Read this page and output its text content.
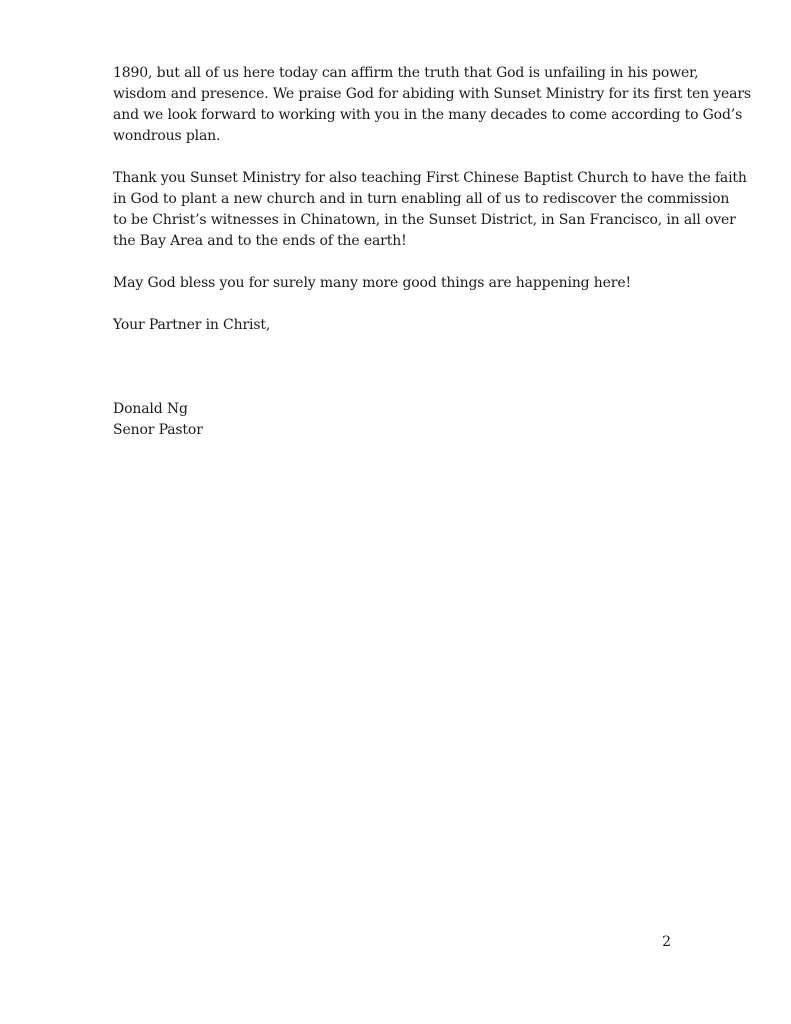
1890, but all of us here today can affirm the truth that God is unfailing in his power,
wisdom and presence. We praise God for abiding with Sunset Ministry for its first ten years
and we look forward to working with you in the many decades to come according to God’s
wondrous plan.

Thank you Sunset Ministry for also teaching First Chinese Baptist Church to have the faith
in God to plant a new church and in turn enabling all of us to rediscover the commission
to be Christ’s witnesses in Chinatown, in the Sunset District, in San Francisco, in all over
the Bay Area and to the ends of the earth!

May God bless you for surely many more good things are happening here!

Your Partner in Christ,

Donald Ng
Senor Pastor
2
